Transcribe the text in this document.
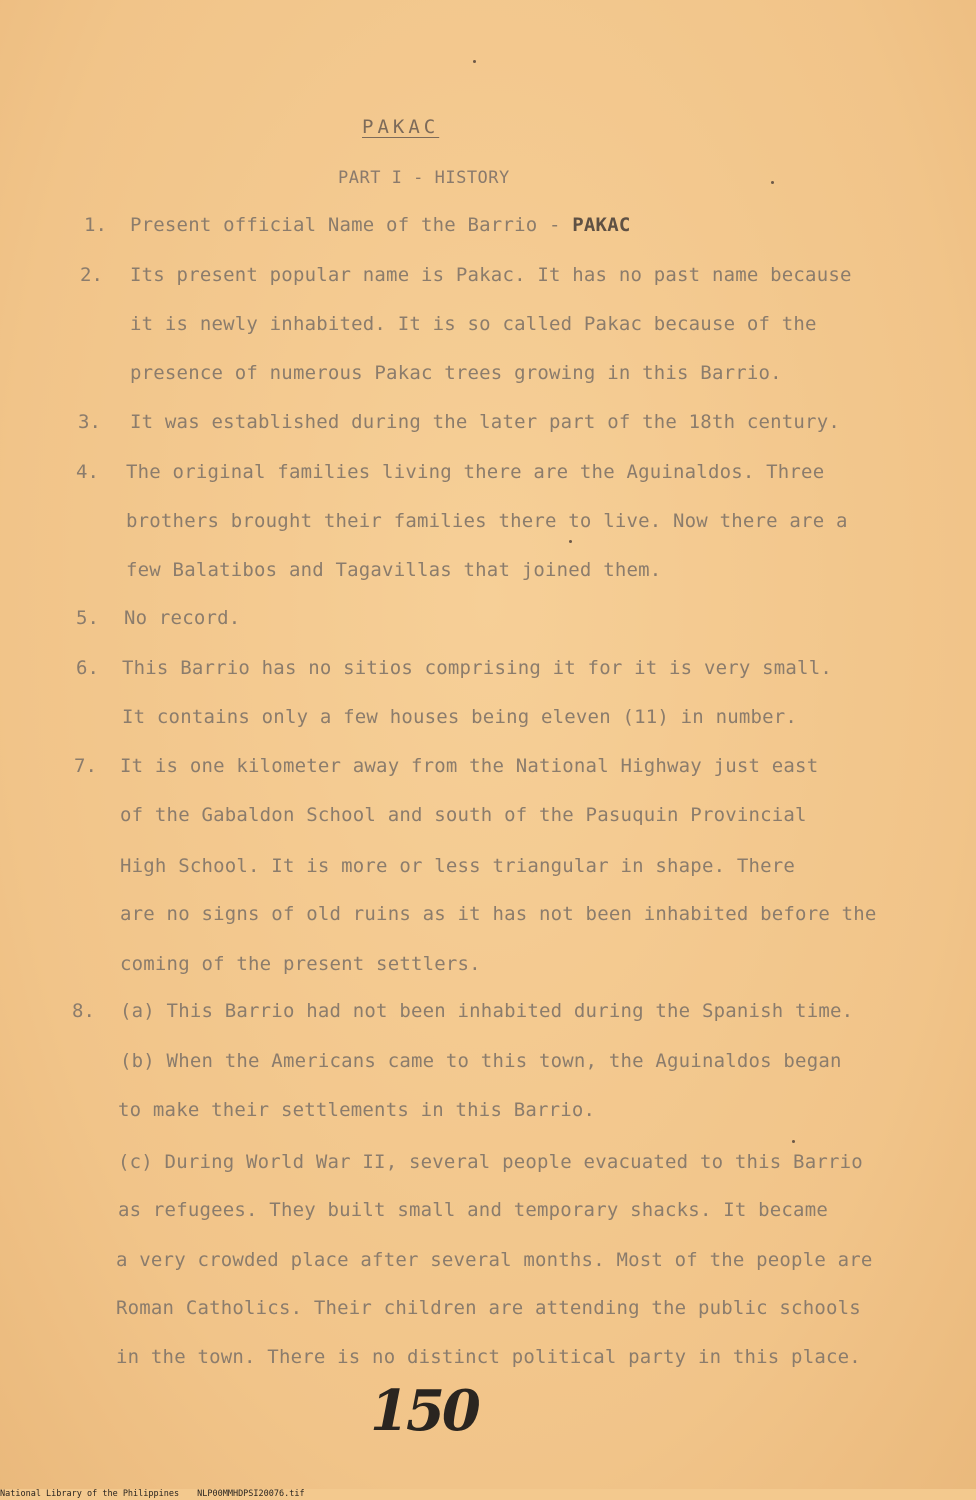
PAKAC
PART I - HISTORY
1. Present official Name of the Barrio - PAKAC
2. Its present popular name is Pakac. It has no past name because
it is newly inhabited. It is so called Pakac because of the
presence of numerous Pakac trees growing in this Barrio.
3. It was established during the later part of the 18th century.
4. The original families living there are the Aguinaldos. Three
brothers brought their families there to live. Now there are a
few Balatibos and Tagavillas that joined them.
5. No record.
6. This Barrio has no sitios comprising it for it is very small.
It contains only a few houses being eleven (11) in number.
7. It is one kilometer away from the National Highway just east
of the Gabaldon School and south of the Pasuquin Provincial
High School. It is more or less triangular in shape. There
are no signs of old ruins as it has not been inhabited before the
coming of the present settlers.
8. (a) This Barrio had not been inhabited during the Spanish time.
(b) When the Americans came to this town, the Aguinaldos began
to make their settlements in this Barrio.
(c) During World War II, several people evacuated to this Barrio
as refugees. They built small and temporary shacks. It became
a very crowded place after several months. Most of the people are
Roman Catholics. Their children are attending the public schools
in the town. There is no distinct political party in this place.
150
National Library of the Philippines NLP00MMHDPSI20076.tif
